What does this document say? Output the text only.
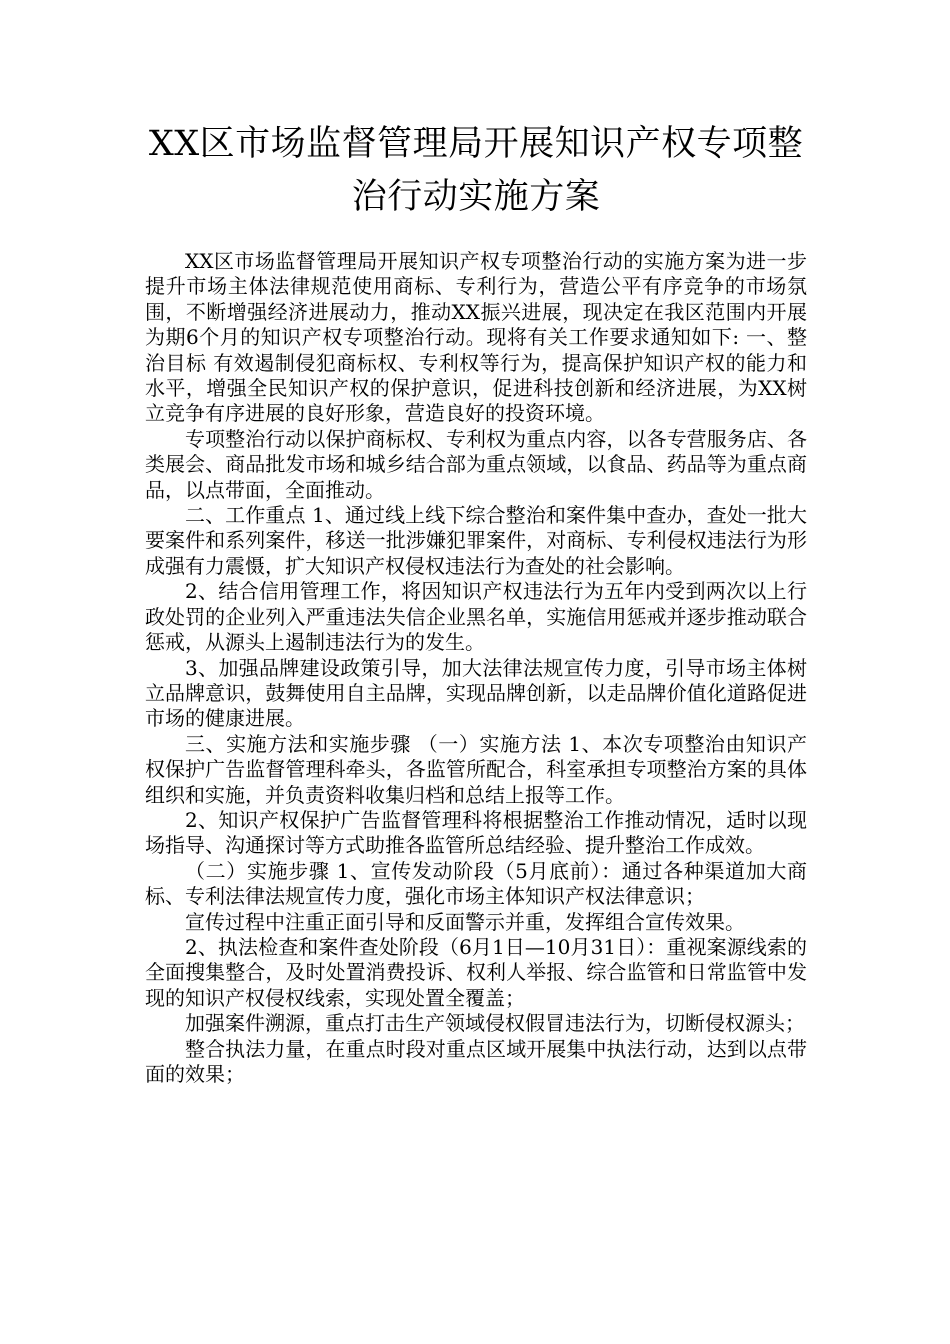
XX区市场监督管理局开展知识产权专项整
治行动实施方案

XX区市场监督管理局开展知识产权专项整治行动的实施方案为进一步提升市场主体法律规范使用商标、专利行为，营造公平有序竞争的市场氛围，不断增强经济进展动力，推动XX振兴进展，现决定在我区范围内开展为期6个月的知识产权专项整治行动。现将有关工作要求通知如下: 一、整治目标 有效遏制侵犯商标权、专利权等行为，提高保护知识产权的能力和水平，增强全民知识产权的保护意识，促进科技创新和经济进展，为XX树立竞争有序进展的良好形象，营造良好的投资环境。

专项整治行动以保护商标权、专利权为重点内容，以各专营服务店、各类展会、商品批发市场和城乡结合部为重点领域，以食品、药品等为重点商品，以点带面，全面推动。

二、工作重点 1、通过线上线下综合整治和案件集中查办，查处一批大要案件和系列案件，移送一批涉嫌犯罪案件，对商标、专利侵权违法行为形成强有力震慑，扩大知识产权侵权违法行为查处的社会影响。

2、结合信用管理工作，将因知识产权违法行为五年内受到两次以上行政处罚的企业列入严重违法失信企业黑名单，实施信用惩戒并逐步推动联合惩戒，从源头上遏制违法行为的发生。

3、加强品牌建设政策引导，加大法律法规宣传力度，引导市场主体树立品牌意识，鼓舞使用自主品牌，实现品牌创新，以走品牌价值化道路促进市场的健康进展。

三、实施方法和实施步骤 （一）实施方法 1、本次专项整治由知识产权保护广告监督管理科牵头，各监管所配合，科室承担专项整治方案的具体组织和实施，并负责资料收集归档和总结上报等工作。

2、知识产权保护广告监督管理科将根据整治工作推动情况，适时以现场指导、沟通探讨等方式助推各监管所总结经验、提升整治工作成效。

（二）实施步骤 1、宣传发动阶段（5月底前）：通过各种渠道加大商标、专利法律法规宣传力度，强化市场主体知识产权法律意识；

宣传过程中注重正面引导和反面警示并重，发挥组合宣传效果。

2、执法检查和案件查处阶段（6月1日—10月31日）：重视案源线索的全面搜集整合，及时处置消费投诉、权利人举报、综合监管和日常监管中发现的知识产权侵权线索，实现处置全覆盖；

加强案件溯源，重点打击生产领域侵权假冒违法行为，切断侵权源头；

整合执法力量，在重点时段对重点区域开展集中执法行动，达到以点带面的效果；
